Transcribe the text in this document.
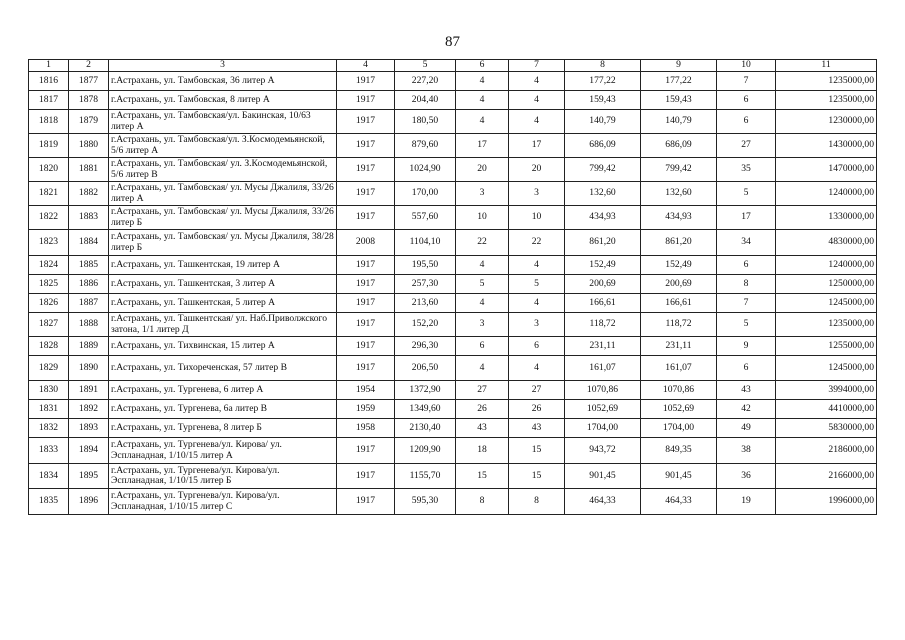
87
1	2	3	4	5	6	7	8	9	10	11
1816	1877	г.Астрахань, ул. Тамбовская, 36 литер А	1917	227,20	4	4	177,22	177,22	7	1235000,00
1817	1878	г.Астрахань, ул. Тамбовская, 8 литер А	1917	204,40	4	4	159,43	159,43	6	1235000,00
1818	1879	г.Астрахань, ул. Тамбовская/ул. Бакинская, 10/63 литер А	1917	180,50	4	4	140,79	140,79	6	1230000,00
1819	1880	г.Астрахань, ул. Тамбовская/ул. З.Космодемьянской, 5/6 литер А	1917	879,60	17	17	686,09	686,09	27	1430000,00
1820	1881	г.Астрахань, ул. Тамбовская/ ул. З.Космодемьянской, 5/6 литер В	1917	1024,90	20	20	799,42	799,42	35	1470000,00
1821	1882	г.Астрахань, ул. Тамбовская/ ул. Мусы Джалиля, 33/26 литер А	1917	170,00	3	3	132,60	132,60	5	1240000,00
1822	1883	г.Астрахань, ул. Тамбовская/ ул. Мусы Джалиля, 33/26 литер Б	1917	557,60	10	10	434,93	434,93	17	1330000,00
1823	1884	г.Астрахань, ул. Тамбовская/ ул. Мусы Джалиля, 38/28 литер Б	2008	1104,10	22	22	861,20	861,20	34	4830000,00
1824	1885	г.Астрахань, ул. Ташкентская, 19 литер А	1917	195,50	4	4	152,49	152,49	6	1240000,00
1825	1886	г.Астрахань, ул. Ташкентская, 3 литер А	1917	257,30	5	5	200,69	200,69	8	1250000,00
1826	1887	г.Астрахань, ул. Ташкентская, 5 литер А	1917	213,60	4	4	166,61	166,61	7	1245000,00
1827	1888	г.Астрахань, ул. Ташкентская/ ул. Наб.Приволжского затона, 1/1 литер Д	1917	152,20	3	3	118,72	118,72	5	1235000,00
1828	1889	г.Астрахань, ул. Тихвинская, 15 литер А	1917	296,30	6	6	231,11	231,11	9	1255000,00
1829	1890	г.Астрахань, ул. Тихореченская, 57 литер В	1917	206,50	4	4	161,07	161,07	6	1245000,00
1830	1891	г.Астрахань, ул. Тургенева, 6 литер А	1954	1372,90	27	27	1070,86	1070,86	43	3994000,00
1831	1892	г.Астрахань, ул. Тургенева, 6а литер В	1959	1349,60	26	26	1052,69	1052,69	42	4410000,00
1832	1893	г.Астрахань, ул. Тургенева, 8 литер Б	1958	2130,40	43	43	1704,00	1704,00	49	5830000,00
1833	1894	г.Астрахань, ул. Тургенева/ул. Кирова/ ул. Эспланадная, 1/10/15 литер А	1917	1209,90	18	15	943,72	849,35	38	2186000,00
1834	1895	г.Астрахань, ул. Тургенева/ул. Кирова/ул. Эспланадная, 1/10/15 литер Б	1917	1155,70	15	15	901,45	901,45	36	2166000,00
1835	1896	г.Астрахань, ул. Тургенева/ул. Кирова/ул. Эспланадная, 1/10/15 литер С	1917	595,30	8	8	464,33	464,33	19	1996000,00
